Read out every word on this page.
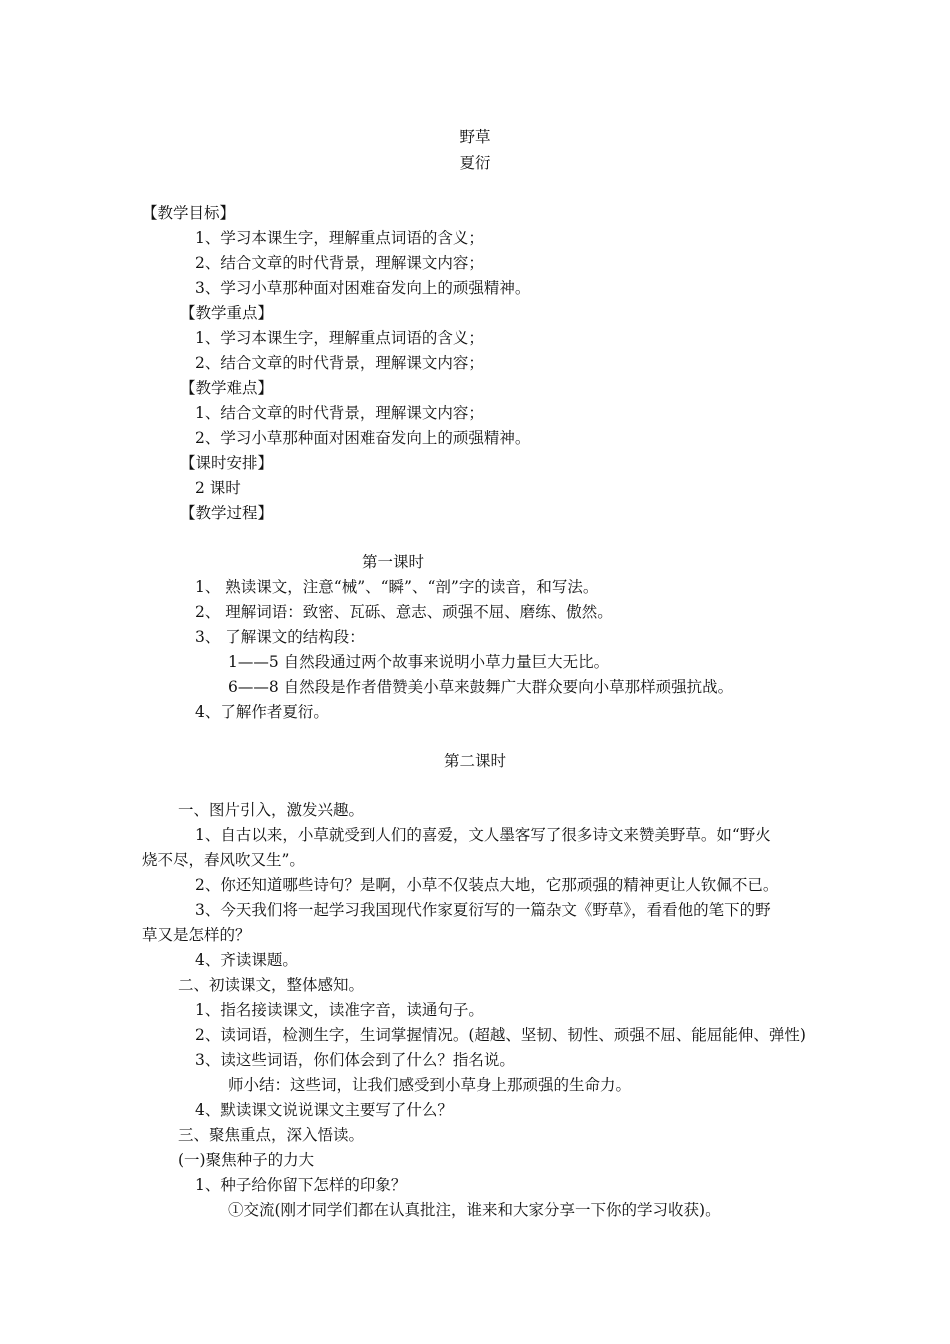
野草
夏衍
【教学目标】
1、学习本课生字，理解重点词语的含义；
2、结合文章的时代背景，理解课文内容；
3、学习小草那种面对困难奋发向上的顽强精神。
【教学重点】
1、学习本课生字，理解重点词语的含义；
2、结合文章的时代背景，理解课文内容；
【教学难点】
1、结合文章的时代背景，理解课文内容；
2、学习小草那种面对困难奋发向上的顽强精神。
【课时安排】
2 课时
【教学过程】
第一课时
1、 熟读课文，注意“械”、“瞬”、“剖”字的读音，和写法。
2、 理解词语：致密、瓦砾、意志、顽强不屈、磨练、傲然。
3、 了解课文的结构段：
1——5 自然段通过两个故事来说明小草力量巨大无比。
6——8 自然段是作者借赞美小草来鼓舞广大群众要向小草那样顽强抗战。
4、了解作者夏衍。
第二课时
一、图片引入，激发兴趣。
1、自古以来，小草就受到人们的喜爱，文人墨客写了很多诗文来赞美野草。如“野火
烧不尽，春风吹又生”。
2、你还知道哪些诗句？是啊，小草不仅装点大地，它那顽强的精神更让人钦佩不已。
3、今天我们将一起学习我国现代作家夏衍写的一篇杂文《野草》，看看他的笔下的野
草又是怎样的？
4、齐读课题。
二、初读课文，整体感知。
1、指名接读课文，读准字音，读通句子。
2、读词语，检测生字，生词掌握情况。(超越、坚韧、韧性、顽强不屈、能屈能伸、弹性)
3、读这些词语，你们体会到了什么？指名说。
师小结：这些词，让我们感受到小草身上那顽强的生命力。
4、默读课文说说课文主要写了什么？
三、聚焦重点，深入悟读。
(一)聚焦种子的力大
1、种子给你留下怎样的印象？
①交流(刚才同学们都在认真批注，谁来和大家分享一下你的学习收获)。
